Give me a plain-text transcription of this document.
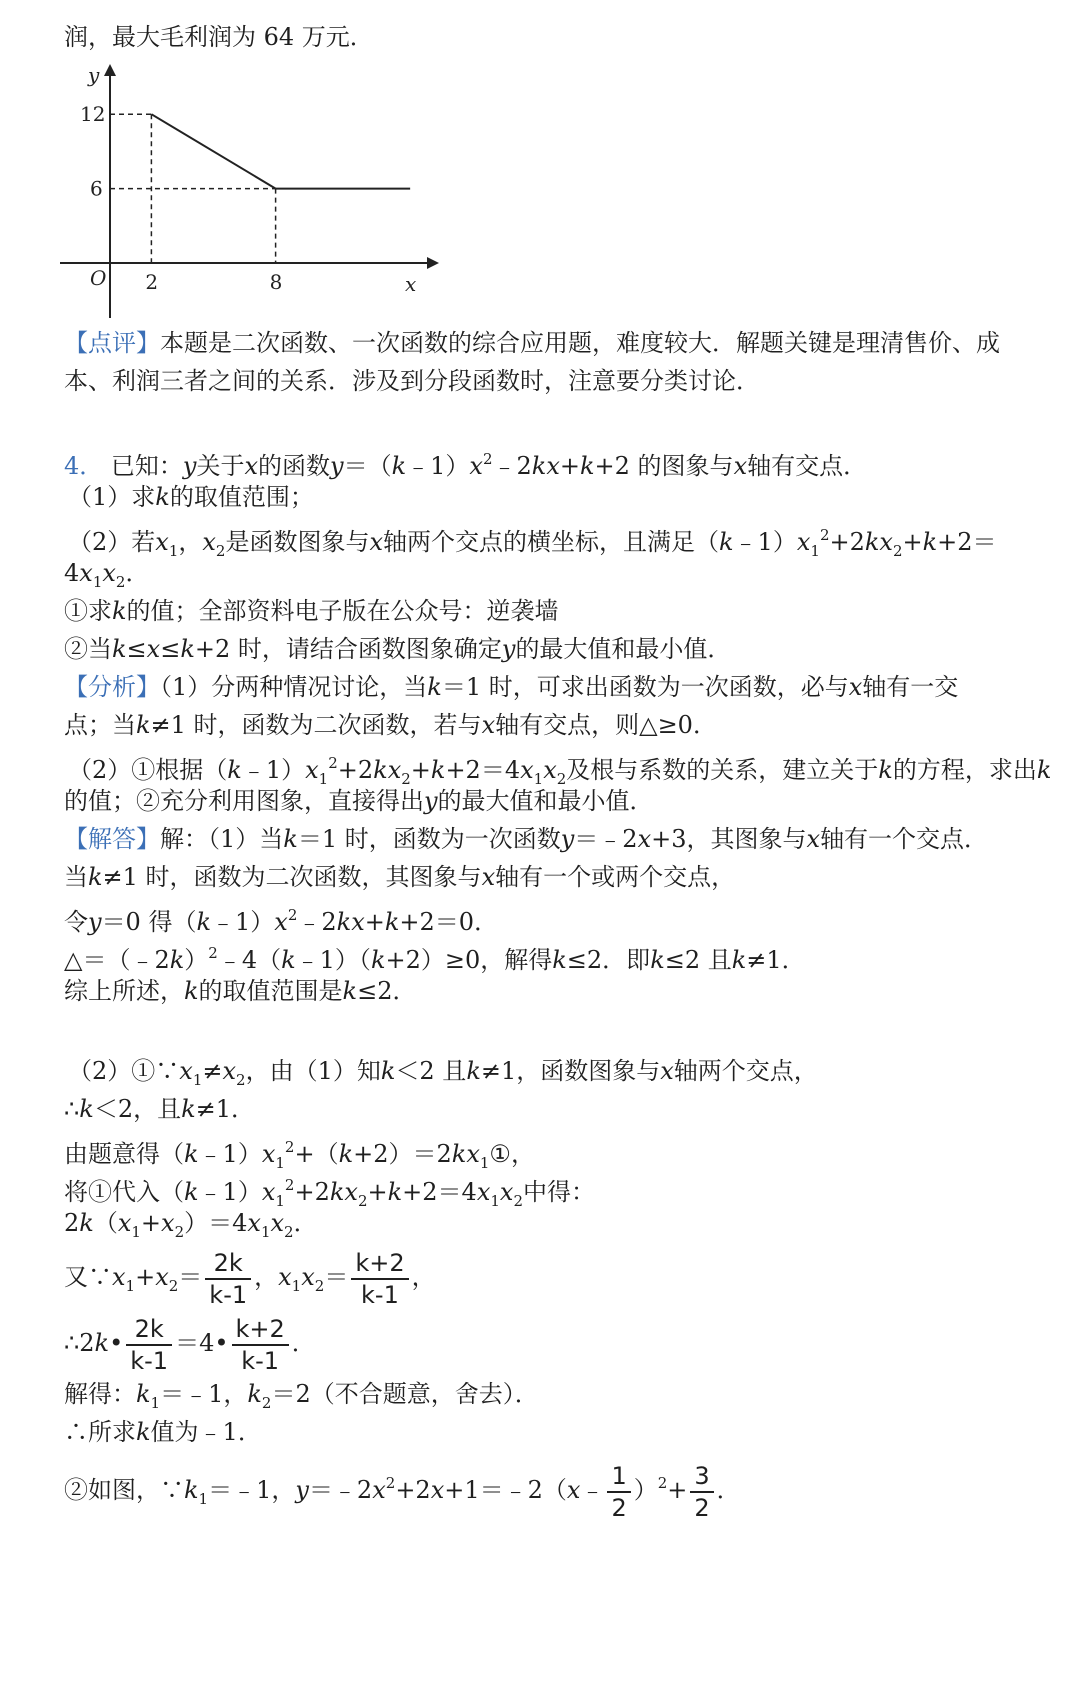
润，最大毛利润为 64 万元．
y
x
O
12
6
2	8
【点评】本题是二次函数、一次函数的综合应用题，难度较大．解题关键是理清售价、成
本、利润三者之间的关系．涉及到分段函数时，注意要分类讨论．
4． 已知：y关于x的函数$y=(k﹣1)x^2﹣2kx+k+2$ 的图象与x轴有交点．
（1）求k的取值范围；
（2）若$x_1$，$x_2$是函数图象与x轴两个交点的横坐标，且满足$(k﹣1)x_1^2+2kx_2+k+2=$
$4x_1x_2$．
①求k的值；全部资料电子版在公众号：逆袭墙
②当k≤x≤k+2 时，请结合函数图象确定y的最大值和最小值．
【分析】（1）分两种情况讨论，当k＝1 时，可求出函数为一次函数，必与x轴有一交
点；当k≠1 时，函数为二次函数，若与x轴有交点，则△≥0．
（2）①根据$(k﹣1)x_1^2+2kx_2+k+2=4x_1x_2$及根与系数的关系，建立关于k的方程，求出k
的值；②充分利用图象，直接得出y的最大值和最小值．
【解答】解：（1）当k＝1 时，函数为一次函数y＝﹣2x+3，其图象与x轴有一个交点．
当k≠1 时，函数为二次函数，其图象与x轴有一个或两个交点，
令y＝0 得$(k﹣1)x^2﹣2kx+k+2=0$．
△＝（﹣2k）$^2$﹣4（k﹣1）（k+2）≥0，解得k≤2．即k≤2 且k≠1．
综上所述，k的取值范围是k≤2．
$(2)①\because x_1\ne x_2$，由（1）知k＜2 且k≠1，函数图象与x轴两个交点，
∴k＜2，且k≠1．
由题意得$(k﹣1)x_1^2+(k+2)=2kx_1①$，
将①代入$(k﹣1)x_1^2+2kx_2+k+2=4x_1x_2$中得：
$2k(x_1+x_2)=4x_1x_2$．
又$\because x_1+x_2= \frac{2k}{k-1}$ ，$x_1x_2= \frac{k+2}{k-1}$ ，
∴2k• $\frac{2k}{k-1}$ ＝4• $\frac{k+2}{k-1}$ ．
解得：$k_1=﹣1$，$k_2=2$（不合题意，舍去）．
∴所求k值为﹣1．
②如图，$\because k_1=﹣1$，$y=﹣2x^2+2x+1=﹣2(x﹣ \frac{1}{2} )^2+ \frac{3}{2}$ ．
